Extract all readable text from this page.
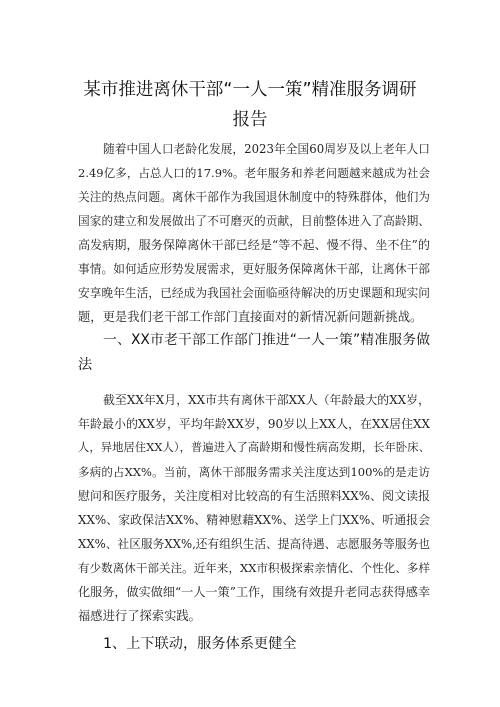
某市推进离休干部“一人一策”精准服务调研
报告
随着中国人口老龄化发展，2023年全国60周岁及以上老年人口
2.49亿多，占总人口的17.9%。老年服务和养老问题越来越成为社会
关注的热点问题。离休干部作为我国退休制度中的特殊群体，他们为
国家的建立和发展做出了不可磨灭的贡献，目前整体进入了高龄期、
高发病期，服务保障离休干部已经是“等不起、慢不得、坐不住”的
事情。如何适应形势发展需求，更好服务保障离休干部，让离休干部
安享晚年生活，已经成为我国社会面临亟待解决的历史课题和现实问
题，更是我们老干部工作部门直接面对的新情况新问题新挑战。
一、XX市老干部工作部门推进“一人一策”精准服务做
法
截至XX年X月，XX市共有离休干部XX人（年龄最大的XX岁，
年龄最小的XX岁，平均年龄XX岁，90岁以上XX人，在XX居住XX
人，异地居住XX人），普遍进入了高龄期和慢性病高发期，长年卧床、
多病的占XX%。当前，离休干部服务需求关注度达到100%的是走访
慰问和医疗服务，关注度相对比较高的有生活照料XX%、阅文读报
XX%、家政保洁XX%、精神慰藉XX%、送学上门XX%、听通报会
XX%、社区服务XX%,还有组织生活、提高待遇、志愿服务等服务也
有少数离休干部关注。近年来，XX市积极探索亲情化、个性化、多样
化服务，做实做细“一人一策”工作，围绕有效提升老同志获得感幸
福感进行了探索实践。
1、上下联动，服务体系更健全
